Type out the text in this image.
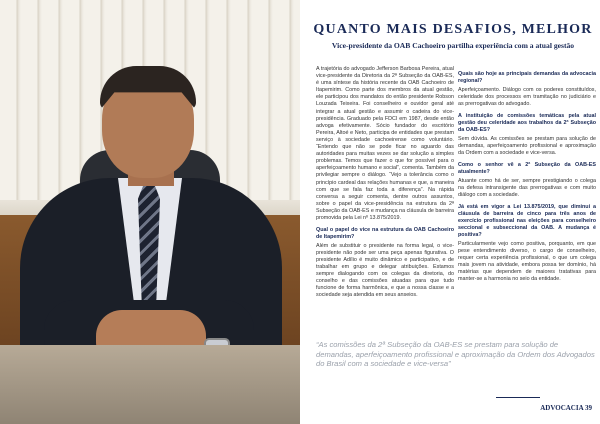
QUANTO MAIS DESAFIOS, MELHOR
Vice-presidente da OAB Cachoeiro partilha experiência com a atual gestão

A trajetória do advogado Jefferson Barbosa Pereira, atual vice-presidente da Diretoria da 2ª Subseção da OAB-ES, é uma síntese da história recente da OAB Cachoeiro de Itapemirim. Como parte dos membros da atual gestão, ele participou dos mandatos do então presidente Robson Louzada Teixeira. Foi conselheiro e ouvidor geral até integrar a atual gestão e assumir o cadeira do vice-presidência. Graduado pela FDCI em 1987, desde então advoga efetivamente. Sócio fundador do escritório Pereira, Altoé e Neto, participa de entidades que prestam serviço à sociedade cachoeirense como voluntário. “Entendo que não se pode ficar no aguardo das autoridades para muitas vezes se dar solução a simples problemas. Temos que fazer o que for possível para o aperfeiçoamento humano e social”, comenta. Também da privilegiar sempre o diálogo. “Vejo a tolerância como o princípio cardeal das relações humanas e que, a maneira com que se fala faz toda a diferença”. Na rápida conversa a seguir comenta, dentre outros assuntos, sobre o papel da vice-presidência na estrutura da 2ª Subseção da OAB-ES e mudança na cláusula de barreira promovida pela Lei nº 13.875/2019.

Qual o papel do vice na estrutura da OAB Cachoeiro de Itapemirim?

Além de substituir o presidente na forma legal, o vice-presidente não pode ser uma peça apenas figurativa. O presidente Adílio é muito dinâmico e participativo, e de trabalhar em grupo e delegar atribuições. Estamos sempre dialogando com os colegas da diretoria, do conselho e das comissões atuadas para que tudo funcione de forma harmônica, e que a nossa classe e a sociedade seja atendida em seus anseios.

Quais são hoje as principais demandas da advocacia regional?

Aperfeiçoamento. Diálogo com os poderes constituídos, celeridade dos processos em tramitação no judiciário e as prerrogativas do advogado.

A instituição de comissões temáticas pela atual gestão deu celeridade aos trabalhos da 2ª Subseção da OAB-ES?

Sem dúvida. As comissões se prestam para solução de demandas, aperfeiçoamento profissional e aproximação da Ordem com a sociedade e vice-versa.

Como o senhor vê a 2ª Subseção da OAB-ES atualmente?

Atuante como há de ser, sempre prestigiando o colega na defesa intransigente das prerrogativas e com muito diálogo com a sociedade.

Já está em vigor a Lei 13.875/2019, que diminui a cláusula de barreira de cinco para três anos de exercício profissional nas eleições para conselheiro seccional e subseccional da OAB. A mudança é positiva?

Particularmente vejo como positiva, porquanto, em que pese entendimento diverso, o cargo de conselheiro, requer certa experiência profissional, o que um colega mais jovem na atividade, embora possa ter domínio, há matérias que dependem de maiores tratativas para manter-se a harmonia no seio da entidade.

“As comissões da 2ª Subseção da OAB-ES se prestam para solução de demandas, aperfeiçoamento profissional e aproximação da Ordem dos Advogados do Brasil com a sociedade e vice-versa”
ADVOCACIA 39
